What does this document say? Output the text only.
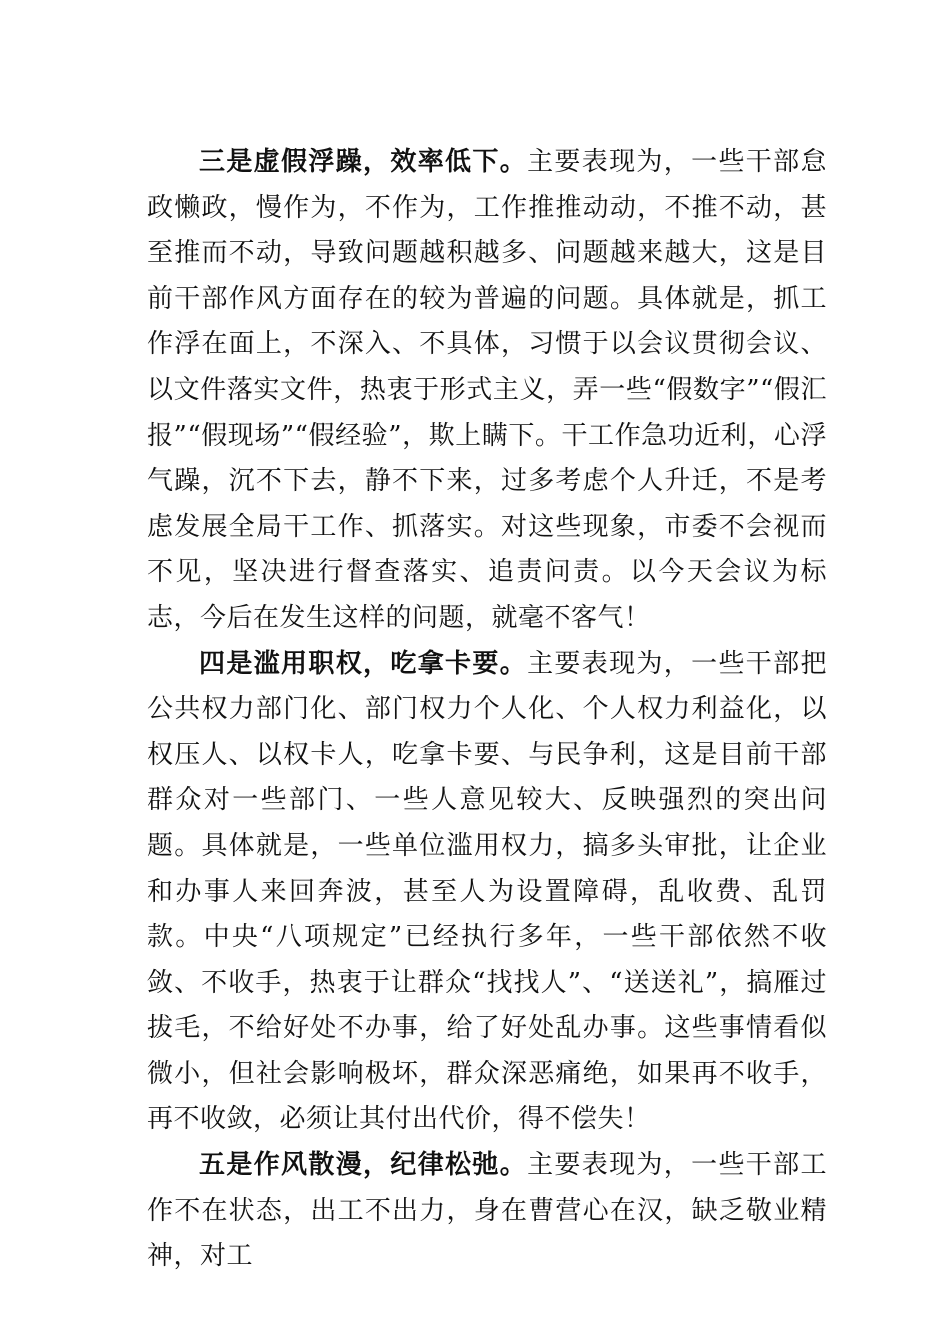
三是虚假浮躁，效率低下。主要表现为，一些干部怠政懒政，慢作为，不作为，工作推推动动，不推不动，甚至推而不动，导致问题越积越多、问题越来越大，这是目前干部作风方面存在的较为普遍的问题。具体就是，抓工作浮在面上，不深入、不具体，习惯于以会议贯彻会议、以文件落实文件，热衷于形式主义，弄一些“假数字”“假汇报”“假现场”“假经验”，欺上瞒下。干工作急功近利，心浮气躁，沉不下去，静不下来，过多考虑个人升迁，不是考虑发展全局干工作、抓落实。对这些现象，市委不会视而不见，坚决进行督查落实、追责问责。以今天会议为标志，今后在发生这样的问题，就毫不客气！

四是滥用职权，吃拿卡要。主要表现为，一些干部把公共权力部门化、部门权力个人化、个人权力利益化，以权压人、以权卡人，吃拿卡要、与民争利，这是目前干部群众对一些部门、一些人意见较大、反映强烈的突出问题。具体就是，一些单位滥用权力，搞多头审批，让企业和办事人来回奔波，甚至人为设置障碍，乱收费、乱罚款。中央“八项规定”已经执行多年，一些干部依然不收敛、不收手，热衷于让群众“找找人”、“送送礼”，搞雁过拔毛，不给好处不办事，给了好处乱办事。这些事情看似微小，但社会影响极坏，群众深恶痛绝，如果再不收手，再不收敛，必须让其付出代价，得不偿失！

五是作风散漫，纪律松弛。主要表现为，一些干部工作不在状态，出工不出力，身在曹营心在汉，缺乏敬业精神，对工
